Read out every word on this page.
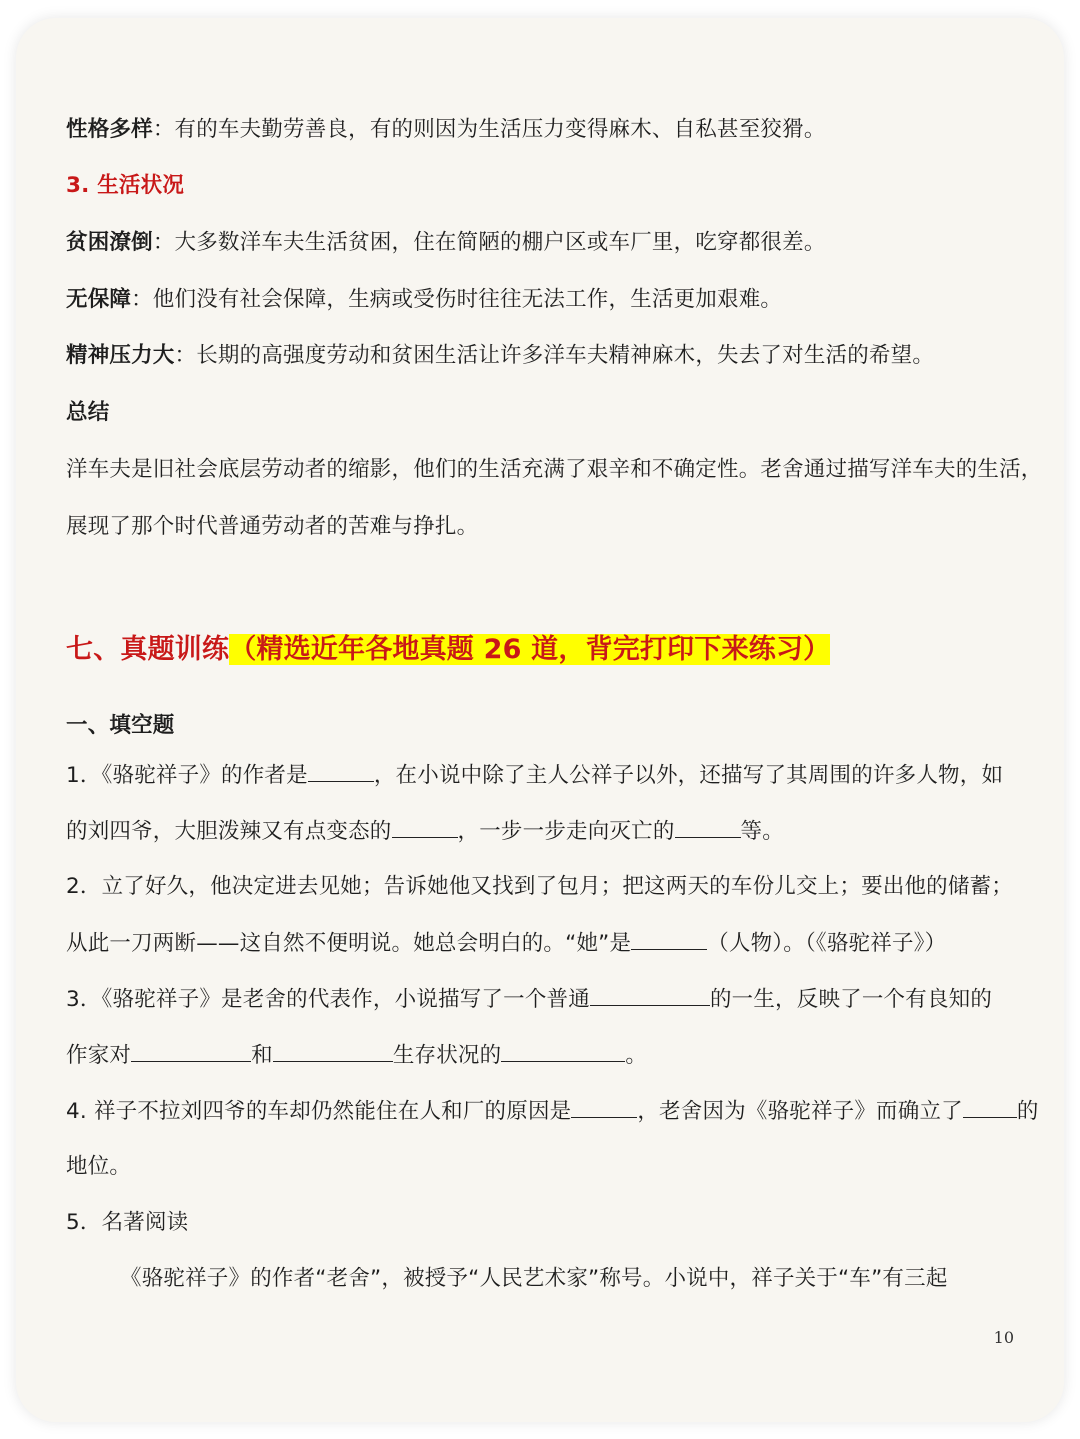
性格多样：有的车夫勤劳善良，有的则因为生活压力变得麻木、自私甚至狡猾。
3. 生活状况
贫困潦倒：大多数洋车夫生活贫困，住在简陋的棚户区或车厂里，吃穿都很差。
无保障：他们没有社会保障，生病或受伤时往往无法工作，生活更加艰难。
精神压力大：长期的高强度劳动和贫困生活让许多洋车夫精神麻木，失去了对生活的希望。
总结
洋车夫是旧社会底层劳动者的缩影，他们的生活充满了艰辛和不确定性。老舍通过描写洋车夫的生活，
展现了那个时代普通劳动者的苦难与挣扎。
七、真题训练（精选近年各地真题 26 道，背完打印下来练习）
一、填空题
1．《骆驼祥子》的作者是	，在小说中除了主人公祥子以外，还描写了其周围的许多人物，如
的刘四爷，大胆泼辣又有点变态的	，一步一步走向灭亡的	等。
2．立了好久，他决定进去见她；告诉她他又找到了包月；把这两天的车份儿交上；要出他的储蓄；
从此一刀两断——这自然不便明说。她总会明白的。“她”是	（人物）。（《骆驼祥子》）
3．《骆驼祥子》是老舍的代表作，小说描写了一个普通	的一生，反映了一个有良知的
作家对	和	生存状况的	。
4. 祥子不拉刘四爷的车却仍然能住在人和厂的原因是	，老舍因为《骆驼祥子》而确立了	的
地位。
5．名著阅读
《骆驼祥子》的作者“老舍”，被授予“人民艺术家”称号。小说中，祥子关于“车”有三起
10
